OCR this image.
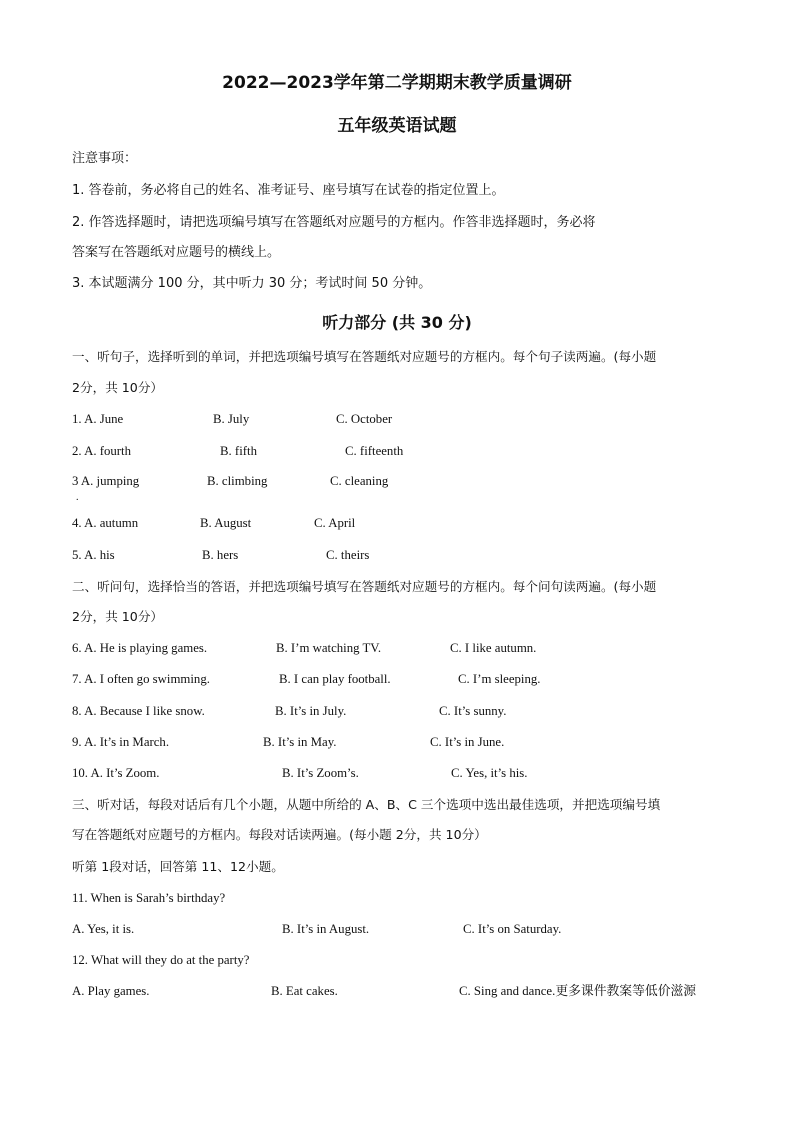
2022—2023学年第二学期期末教学质量调研
五年级英语试题
注意事项：
1. 答卷前，务必将自己的姓名、准考证号、座号填写在试卷的指定位置上。
2. 作答选择题时，请把选项编号填写在答题纸对应题号的方框内。作答非选择题时，务必将
答案写在答题纸对应题号的横线上。
3. 本试题满分 100 分，其中听力 30 分；考试时间 50 分钟。
听力部分 (共 30 分)
一、听句子，选择听到的单词，并把选项编号填写在答题纸对应题号的方框内。每个句子读两遍。(每小题
2分，共 10分）
1. A. June	B. July	C. October
2. A. fourth	B. fifth	C. fifteenth
3 A. jumping	B. climbing	C. cleaning
.
4. A. autumn	B. August	C. April
5. A. his	B. hers	C. theirs
二、听问句，选择恰当的答语，并把选项编号填写在答题纸对应题号的方框内。每个问句读两遍。(每小题
2分，共 10分）
6. A. He is playing games.	B. I’m watching TV.	C. I like autumn.
7. A. I often go swimming.	B. I can play football.	C. I’m sleeping.
8. A. Because I like snow.	B. It’s in July.	C. It’s sunny.
9. A. It’s in March.	B. It’s in May.	C. It’s in June.
10. A. It’s Zoom.	B. It’s Zoom’s.	C. Yes, it’s his.
三、听对话，每段对话后有几个小题，从题中所给的 A、B、C 三个选项中选出最佳选项，并把选项编号填
写在答题纸对应题号的方框内。每段对话读两遍。(每小题 2分，共 10分）
听第 1段对话，回答第 11、12小题。
11. When is Sarah’s birthday?
A. Yes, it is.	B. It’s in August.	C. It’s on Saturday.
12. What will they do at the party?
A. Play games.	B. Eat cakes.	C. Sing and dance.更多课件教案等低价滋源
